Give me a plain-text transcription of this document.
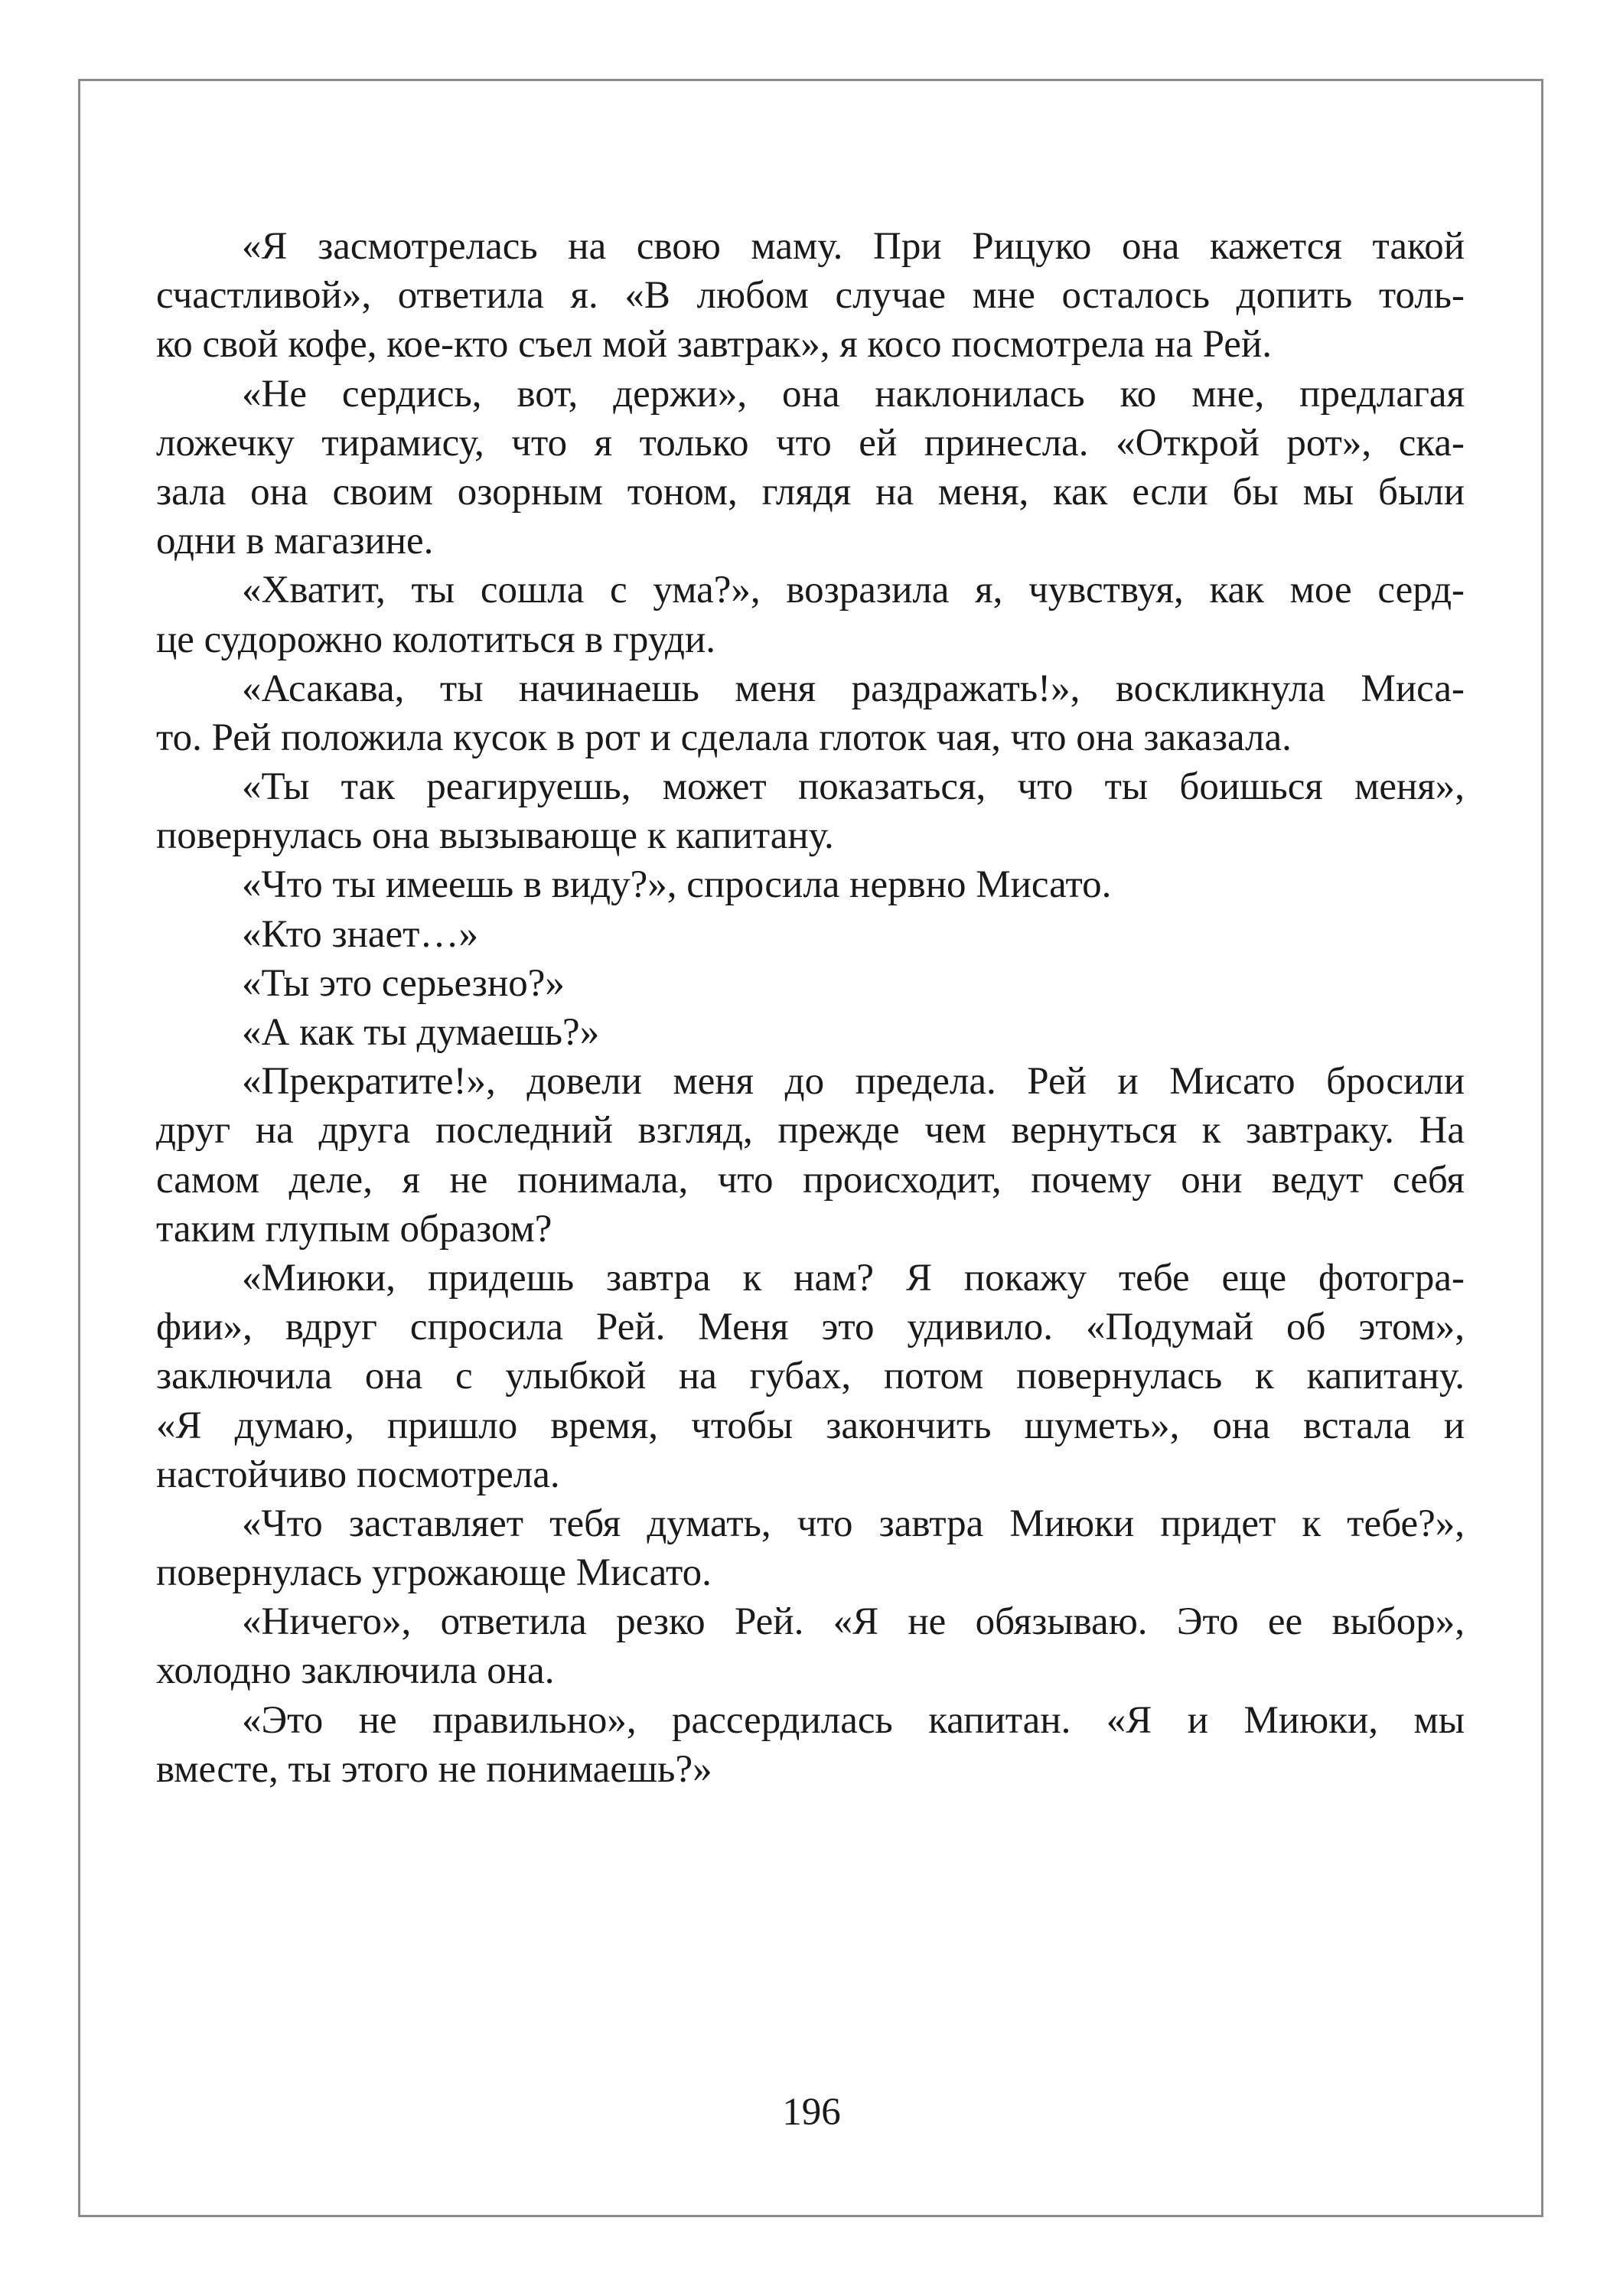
«Я засмотрелась на свою маму. При Рицуко она кажется такой
счастливой», ответила я. «В любом случае мне осталось допить толь-
ко свой кофе, кое-кто съел мой завтрак», я косо посмотрела на Рей.
«Не сердись, вот, держи», она наклонилась ко мне, предлагая
ложечку тирамису, что я только что ей принесла. «Открой рот», ска-
зала она своим озорным тоном, глядя на меня, как если бы мы были
одни в магазине.
«Хватит, ты сошла с ума?», возразила я, чувствуя, как мое серд-
це судорожно колотиться в груди.
«Асакава, ты начинаешь меня раздражать!», воскликнула Миса-
то. Рей положила кусок в рот и сделала глоток чая, что она заказала.
«Ты так реагируешь, может показаться, что ты боишься меня»,
повернулась она вызывающе к капитану.
«Что ты имеешь в виду?», спросила нервно Мисато.
«Кто знает…»
«Ты это серьезно?»
«А как ты думаешь?»
«Прекратите!», довели меня до предела. Рей и Мисато бросили
друг на друга последний взгляд, прежде чем вернуться к завтраку. На
самом деле, я не понимала, что происходит, почему они ведут себя
таким глупым образом?
«Миюки, придешь завтра к нам? Я покажу тебе еще фотогра-
фии», вдруг спросила Рей. Меня это удивило. «Подумай об этом»,
заключила она с улыбкой на губах, потом повернулась к капитану.
«Я думаю, пришло время, чтобы закончить шуметь», она встала и
настойчиво посмотрела.
«Что заставляет тебя думать, что завтра Миюки придет к тебе?»,
повернулась угрожающе Мисато.
«Ничего», ответила резко Рей. «Я не обязываю. Это ее выбор»,
холодно заключила она.
«Это не правильно», рассердилась капитан. «Я и Миюки, мы
вместе, ты этого не понимаешь?»
196
